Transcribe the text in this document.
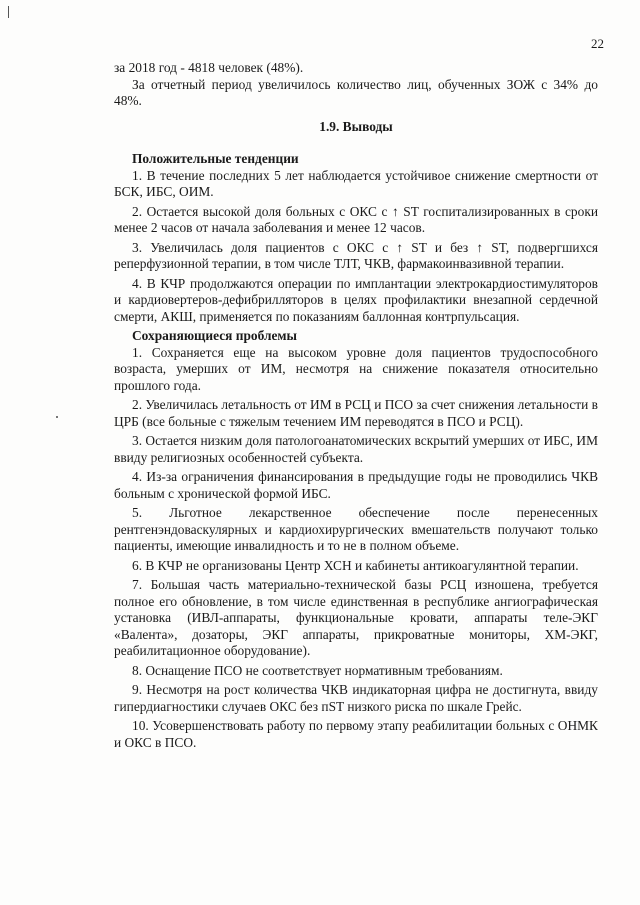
22

за 2018 год - 4818 человек (48%).

За отчетный период увеличилось количество лиц, обученных ЗОЖ с 34% до 48%.

1.9. Выводы

Положительные тенденции

1. В течение последних 5 лет наблюдается устойчивое снижение смертности от БСК, ИБС, ОИМ.

2. Остается высокой доля больных с ОКС с ↑ ST госпитализированных в сроки менее 2 часов от начала заболевания и менее 12 часов.

3. Увеличилась доля пациентов с ОКС с ↑ ST и без ↑ ST, подвергшихся реперфузионной терапии, в том числе ТЛТ, ЧКВ, фармакоинвазивной терапии.

4. В КЧР продолжаются операции по имплантации электрокардиостимуляторов и кардиовертеров-дефибрилляторов в целях профилактики внезапной сердечной смерти, АКШ, применяется по показаниям баллонная контрпульсация.

Сохраняющиеся проблемы

1. Сохраняется еще на высоком уровне доля пациентов трудоспособного возраста, умерших от ИМ, несмотря на снижение показателя относительно прошлого года.

2. Увеличилась летальность от ИМ в РСЦ и ПСО за счет снижения летальности в ЦРБ (все больные с тяжелым течением ИМ переводятся в ПСО и РСЦ).

3. Остается низким доля патологоанатомических вскрытий умерших от ИБС, ИМ ввиду религиозных особенностей субъекта.

4. Из-за ограничения финансирования в предыдущие годы не проводились ЧКВ больным с хронической формой ИБС.

5. Льготное лекарственное обеспечение после перенесенных рентгенэндоваскулярных и кардиохирургических вмешательств получают только пациенты, имеющие инвалидность и то не в полном объеме.

6. В КЧР не организованы Центр ХСН и кабинеты антикоагулянтной терапии.

7. Большая часть материально-технической базы РСЦ изношена, требуется полное его обновление, в том числе единственная в республике ангиографическая установка (ИВЛ-аппараты, функциональные кровати, аппараты теле-ЭКГ «Валента», дозаторы, ЭКГ аппараты, прикроватные мониторы, ХМ-ЭКГ, реабилитационное оборудование).

8. Оснащение ПСО не соответствует нормативным требованиям.

9. Несмотря на рост количества ЧКВ индикаторная цифра не достигнута, ввиду гипердиагностики случаев ОКС без пST низкого риска по шкале Грейс.

10. Усовершенствовать работу по первому этапу реабилитации больных с ОНМК и ОКС в ПСО.
